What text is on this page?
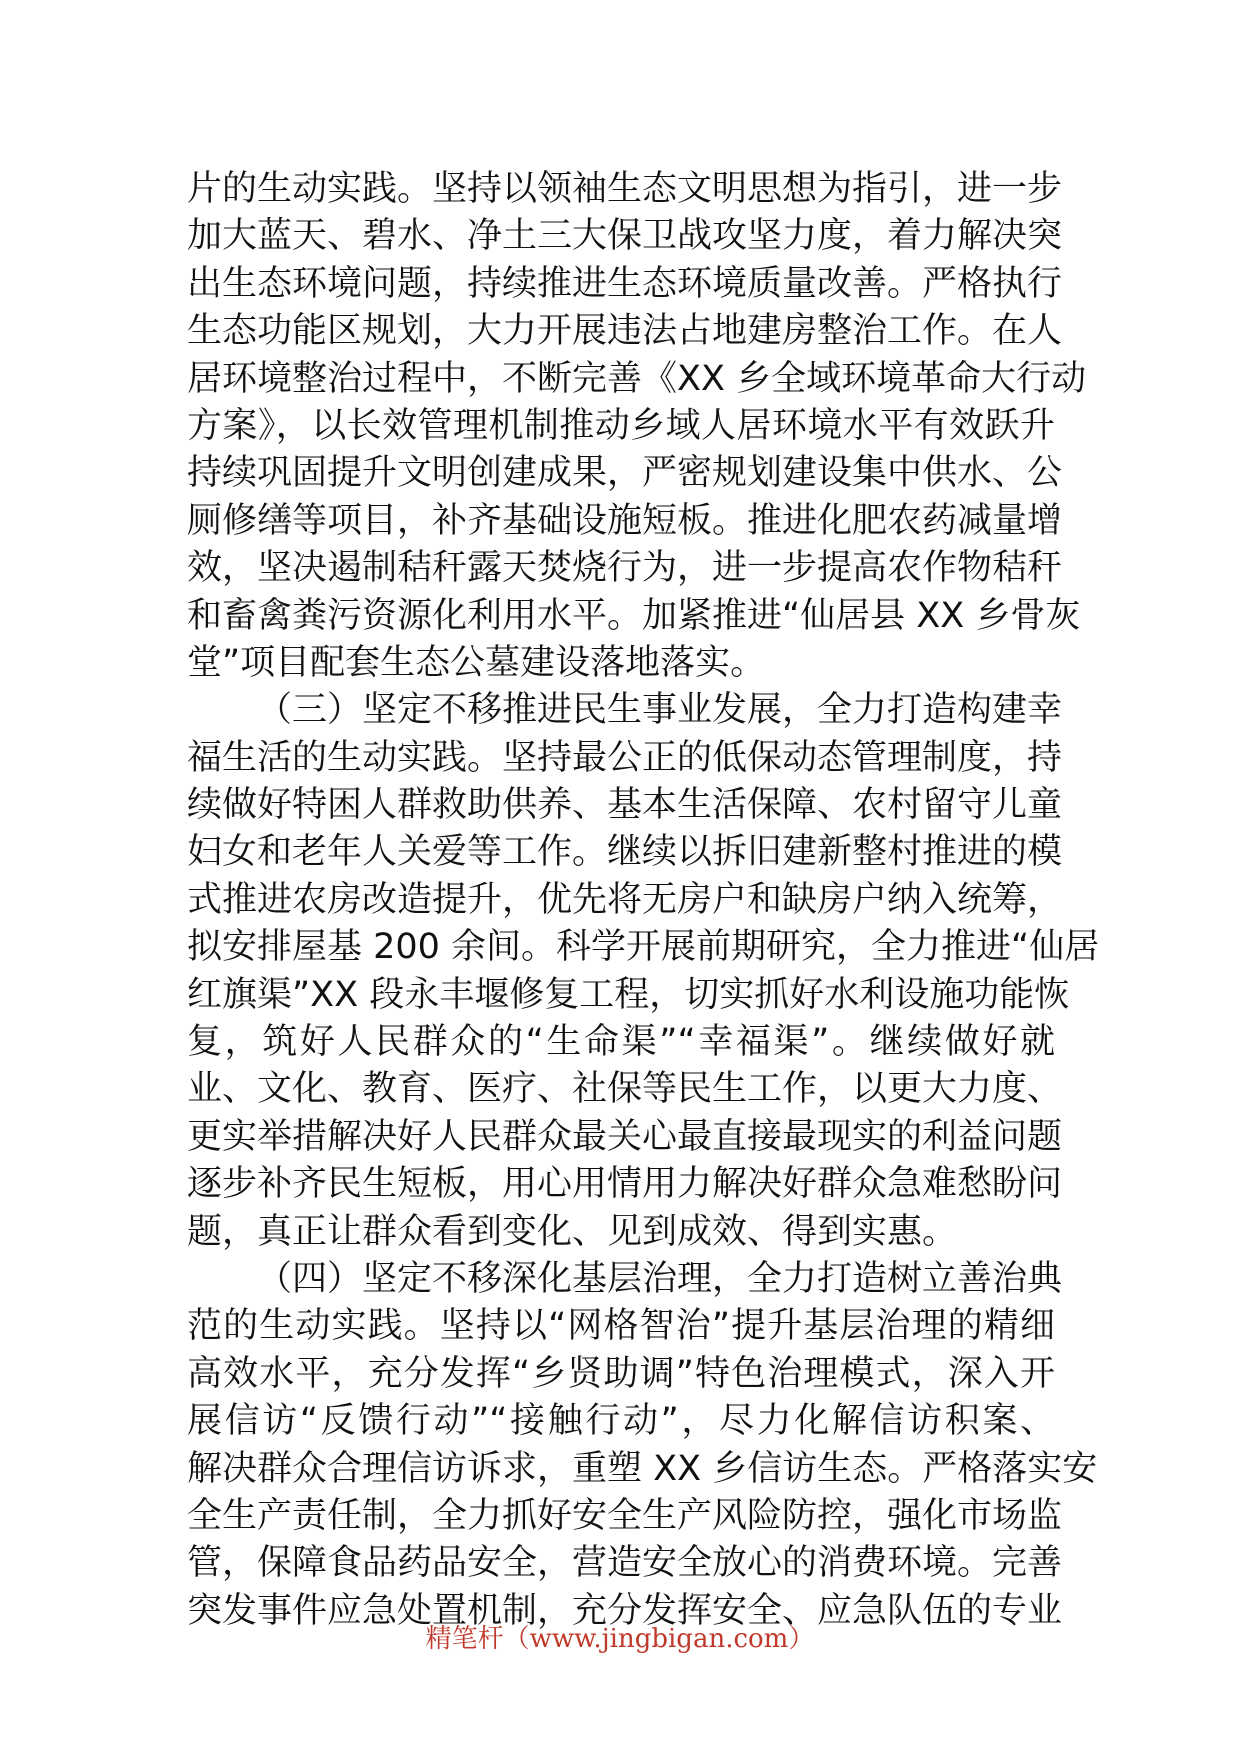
片的生动实践。坚持以领袖生态文明思想为指引，进一步
加大蓝天、碧水、净土三大保卫战攻坚力度，着力解决突
出生态环境问题，持续推进生态环境质量改善。严格执行
生态功能区规划，大力开展违法占地建房整治工作。在人
居环境整治过程中，不断完善《XX 乡全域环境革命大行动
方案》，以长效管理机制推动乡域人居环境水平有效跃升
持续巩固提升文明创建成果，严密规划建设集中供水、公
厕修缮等项目，补齐基础设施短板。推进化肥农药减量增
效，坚决遏制秸秆露天焚烧行为，进一步提高农作物秸秆
和畜禽粪污资源化利用水平。加紧推进“仙居县 XX 乡骨灰
堂”项目配套生态公墓建设落地落实。
（三）坚定不移推进民生事业发展，全力打造构建幸
福生活的生动实践。坚持最公正的低保动态管理制度，持
续做好特困人群救助供养、基本生活保障、农村留守儿童
妇女和老年人关爱等工作。继续以拆旧建新整村推进的模
式推进农房改造提升，优先将无房户和缺房户纳入统筹，
拟安排屋基 200 余间。科学开展前期研究，全力推进“仙居
红旗渠”XX 段永丰堰修复工程，切实抓好水利设施功能恢
复，筑好人民群众的“生命渠”“幸福渠”。继续做好就
业、文化、教育、医疗、社保等民生工作，以更大力度、
更实举措解决好人民群众最关心最直接最现实的利益问题
逐步补齐民生短板，用心用情用力解决好群众急难愁盼问
题，真正让群众看到变化、见到成效、得到实惠。
（四）坚定不移深化基层治理，全力打造树立善治典
范的生动实践。坚持以“网格智治”提升基层治理的精细
高效水平，充分发挥“乡贤助调”特色治理模式，深入开
展信访“反馈行动”“接触行动”，尽力化解信访积案、
解决群众合理信访诉求，重塑 XX 乡信访生态。严格落实安
全生产责任制，全力抓好安全生产风险防控，强化市场监
管，保障食品药品安全，营造安全放心的消费环境。完善
突发事件应急处置机制，充分发挥安全、应急队伍的专业
精笔杆（www.jingbigan.com）
